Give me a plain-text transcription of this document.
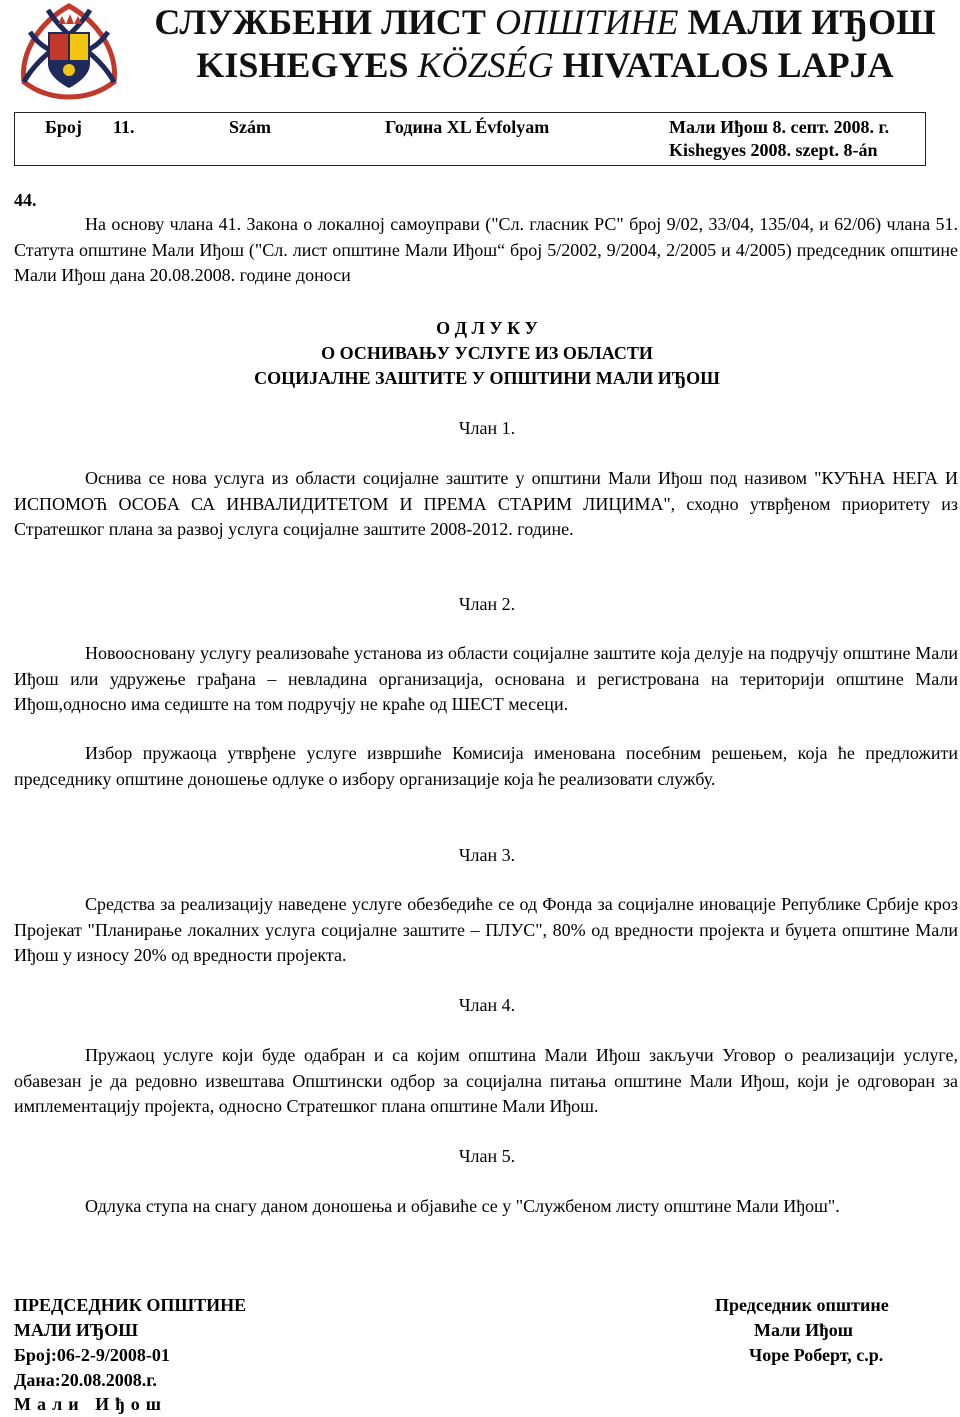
СЛУЖБЕНИ ЛИСТ ОПШТИНЕ МАЛИ ИЂОШ
KISHEGYES KÖZSÉG HIVATALOS LAPJA
Број 11.	Szám	Година XL Évfolyam	Мали Иђош 8. септ. 2008. г.
Kishegyes 2008. szept. 8-án
44.
На основу члана 41. Закона о локалној самоуправи ("Сл. гласник РС" број 9/02, 33/04, 135/04, и 62/06) члана 51. Статута општине Мали Иђош ("Сл. лист општине Мали Иђош“ број 5/2002, 9/2004, 2/2005 и 4/2005) председник општине Мали Иђош дана 20.08.2008. године доноси
О Д Л У К У
О ОСНИВАЊУ УСЛУГЕ ИЗ ОБЛАСТИ
СОЦИЈАЛНЕ ЗАШТИТЕ У ОПШТИНИ МАЛИ ИЂОШ
Члан 1.
Оснива се нова услуга из области социјалне заштите у општини Мали Иђош под називом "КУЋНА НЕГА И ИСПОМОЋ ОСОБА СА ИНВАЛИДИТЕТОМ И ПРЕМА СТАРИМ ЛИЦИМА", сходно утврђеном приоритету из Стратешког плана за развој услуга социјалне заштите 2008-2012. године.
Члан 2.
Новоосновану услугу реализоваће установа из области социјалне заштите која делује на подручју општине Мали Иђош или удружење грађана – невладина организација, основана и регистрована на територији општине Мали Иђош,односно има седиште на том подручју не краће од ШЕСТ месеци.
Избор пружаоца утврђене услуге извршиће Комисија именована посебним решењем, која ће предложити председнику општине доношење одлуке о избору организације која ће реализовати службу.
Члан 3.
Средства за реализацију наведене услуге обезбедиће се од Фонда за социјалне иновације Републике Србије кроз Пројекат "Планирање локалних услуга социјалне заштите – ПЛУС", 80% од вредности пројекта и буџета општине Мали Иђош у износу 20% од вредности пројекта.
Члан 4.
Пружаоц услуге који буде одабран и са којим општина Мали Иђош закључи Уговор о реализацији услуге, обавезан је да редовно извештава Општински одбор за социјална питања општине Мали Иђош, који је одговоран за имплементацију пројекта, односно Стратешког плана општине Мали Иђош.
Члан 5.
Одлука ступа на снагу даном доношења и објавиће се у "Службеном листу општине Мали Иђош".
ПРЕДСЕДНИК ОПШТИНЕ
МАЛИ ИЂОШ
Број:06-2-9/2008-01
Дана:20.08.2008.г.
Мали Иђош
Председник општине
Мали Иђош
Чоре Роберт, с.р.
